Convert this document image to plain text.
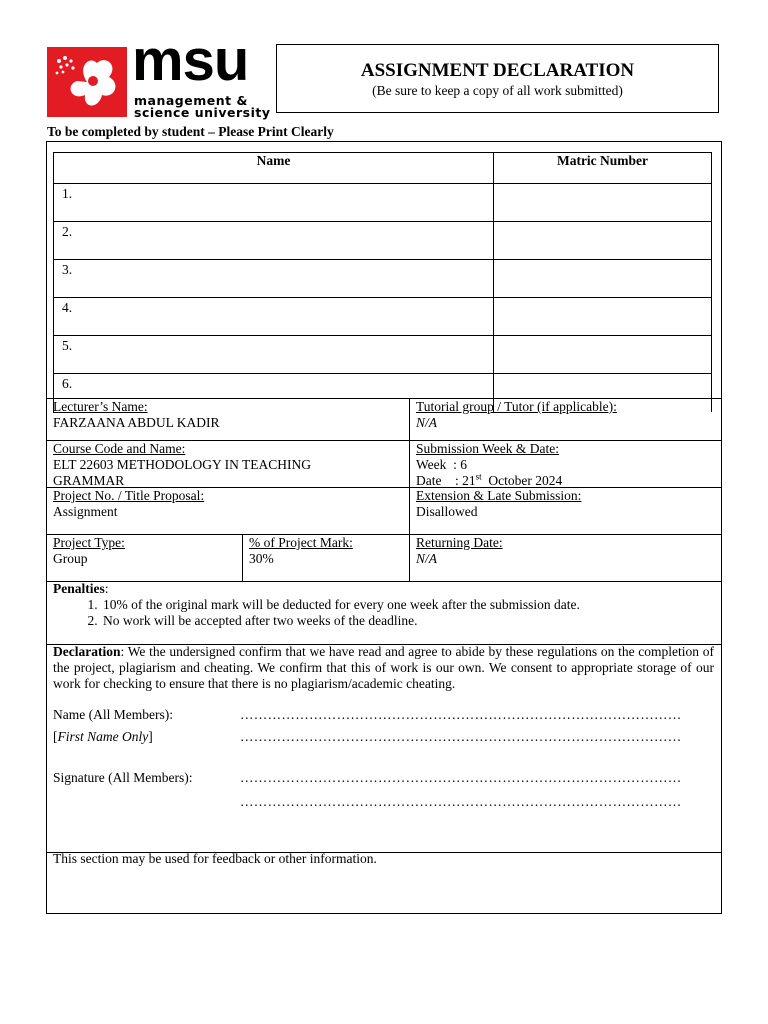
msu
management &
science university
ASSIGNMENT DECLARATION
(Be sure to keep a copy of all work submitted)
To be completed by student – Please Print Clearly
Name	Matric Number
1.	
2.	
3.	
4.	
5.	
6.	
Lecturer’s Name:
FARZAANA ABDUL KADIR
Tutorial group / Tutor (if applicable):
N/A
Course Code and Name:
ELT 22603 METHODOLOGY IN TEACHING
GRAMMAR
Submission Week & Date:
Week : 6
Date : 21st October 2024
Project No. / Title Proposal:
Assignment
Extension & Late Submission:
Disallowed
Project Type:
Group
% of Project Mark:
30%
Returning Date:
N/A
Penalties:
1. 10% of the original mark will be deducted for every one week after the submission date.
2. No work will be accepted after two weeks of the deadline.
Declaration: We the undersigned confirm that we have read and agree to abide by these regulations on the completion of the project, plagiarism and cheating. We confirm that this of work is our own. We consent to appropriate storage of our work for checking to ensure that there is no plagiarism/academic cheating.
Name (All Members):	……………………………………………………………………………………
[First Name Only]	……………………………………………………………………………………
Signature (All Members):	……………………………………………………………………………………
……………………………………………………………………………………
This section may be used for feedback or other information.
